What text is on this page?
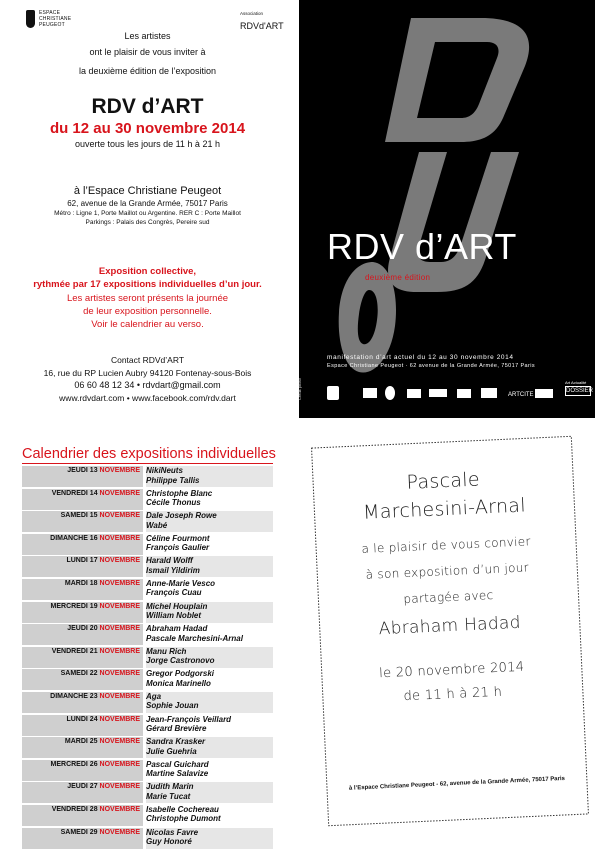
ESPACE
CHRISTIANE
PEUGEOT
Association
RDVd'ART
Les artistes
ont le plaisir de vous inviter à
la deuxième édition de l’exposition
RDV d’ART
du 12 au 30 novembre 2014
ouverte tous les jours de 11 h à 21 h
à l’Espace Christiane Peugeot
62, avenue de la Grande Armée, 75017 Paris
Métro : Ligne 1, Porte Maillot ou Argentine. RER C : Porte Maillot
Parkings : Palais des Congrès, Pereire sud
Exposition collective,
rythmée par 17 expositions individuelles d’un jour.
Les artistes seront présents la journée
de leur exposition personnelle.
Voir le calendrier au verso.
Contact RDVd’ART
16, rue du RP Lucien Aubry 94120 Fontenay-sous-Bois
06 60 48 12 34 • rdvdart@gmail.com
www.rdvdart.com • www.facebook.com/rdv.dart
RDV d’ART
deuxième édition
Crédit photo
manifestation d’art actuel du 12 au 30 novembre 2014
Espace Christiane Peugeot · 62 avenue de la Grande Armée, 75017 Paris
ARTCITE
Art Actualité
DOSSIER
Calendrier des expositions individuelles
JEUDI 13 NOVEMBRE NikiNeuts
Philippe Tallis
VENDREDI 14 NOVEMBRE Christophe Blanc
Cécile Thonus
SAMEDI 15 NOVEMBRE Dale Joseph Rowe
Wabé
DIMANCHE 16 NOVEMBRE Céline Fourmont
François Gaulier
LUNDI 17 NOVEMBRE Harald Wolff
Ismail Yildirim
MARDI 18 NOVEMBRE Anne-Marie Vesco
François Cuau
MERCREDI 19 NOVEMBRE Michel Houplain
William Noblet
JEUDI 20 NOVEMBRE Abraham Hadad
Pascale Marchesini-Arnal
VENDREDI 21 NOVEMBRE Manu Rich
Jorge Castronovo
SAMEDI 22 NOVEMBRE Gregor Podgorski
Monica Marinello
DIMANCHE 23 NOVEMBRE Aga
Sophie Jouan
LUNDI 24 NOVEMBRE Jean-François Veillard
Gérard Brevière
MARDI 25 NOVEMBRE Sandra Krasker
Julie Guehria
MERCREDI 26 NOVEMBRE Pascal Guichard
Martine Salavize
JEUDI 27 NOVEMBRE Judith Marin
Marie Tucat
VENDREDI 28 NOVEMBRE Isabelle Cochereau
Christophe Dumont
SAMEDI 29 NOVEMBRE Nicolas Favre
Guy Honoré
Pascale
Marchesini-Arnal
a le plaisir de vous convier
à son exposition d’un jour
partagée avec
Abraham Hadad
le 20 novembre 2014
de 11 h à 21 h
à l’Espace Christiane Peugeot - 62, avenue de la Grande Armée, 75017 Paris
